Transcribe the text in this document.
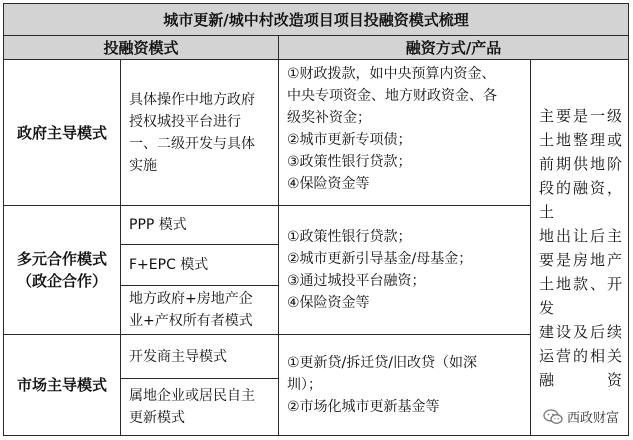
城市更新/城中村改造项目项目投融资模式梳理
投融资模式	融资方式/产品
政府主导模式
具体操作中地方政府
授权城投平台进行
一、二级开发与具体
实施
①财政拨款，如中央预算内资金、
中央专项资金、地方财政资金、各
级奖补资金；
②城市更新专项债；
③政策性银行贷款；
④保险资金等
主要是一级
土地整理或
前期供地阶
段的融资，土
地出让后主
要是房地产
土地款、开发
建设及后续
运营的相关
融资
多元合作模式
（政企合作）
PPP 模式
F+EPC 模式
地方政府+房地产企
业+产权所有者模式
①政策性银行贷款；
②城市更新引导基金/母基金；
③通过城投平台融资；
④保险资金等
市场主导模式
开发商主导模式
属地企业或居民自主
更新模式
①更新贷/拆迁贷/旧改贷（如深
圳）；
②市场化城市更新基金等
西政财富
